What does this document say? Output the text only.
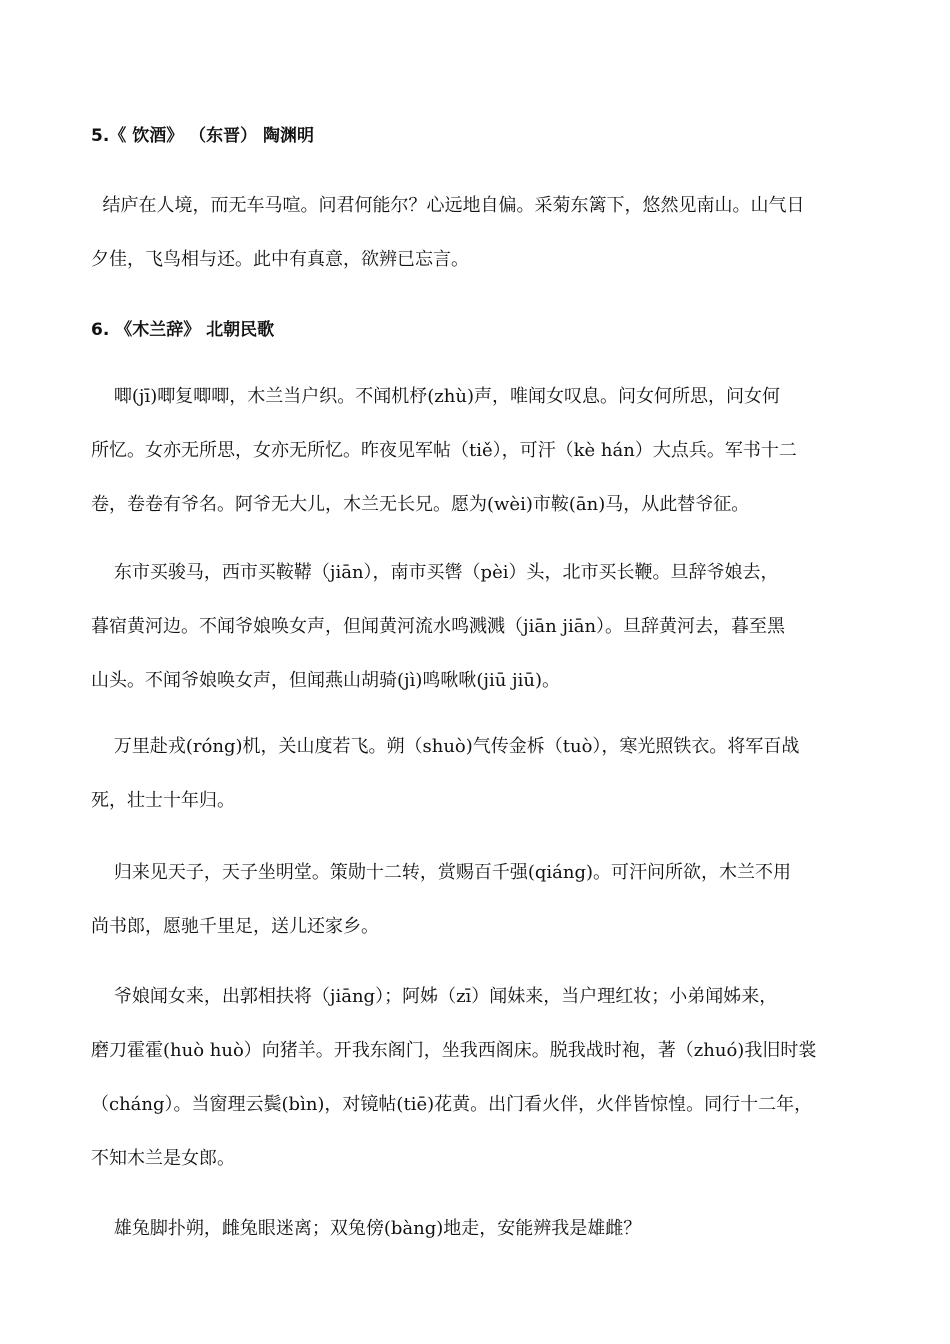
5.《 饮酒》 （东晋） 陶渊明

结庐在人境，而无车马喧。问君何能尔？心远地自偏。采菊东篱下，悠然见南山。山气日
夕佳，飞鸟相与还。此中有真意，欲辨已忘言。

6. 《木兰辞》 北朝民歌

唧(jī)唧复唧唧，木兰当户织。不闻机杼(zhù)声，唯闻女叹息。问女何所思，问女何
所忆。女亦无所思，女亦无所忆。昨夜见军帖（tiě），可汗（kè hán）大点兵。军书十二
卷，卷卷有爷名。阿爷无大儿，木兰无长兄。愿为(wèi)市鞍(ān)马，从此替爷征。

东市买骏马，西市买鞍鞯（jiān），南市买辔（pèi）头，北市买长鞭。旦辞爷娘去，
暮宿黄河边。不闻爷娘唤女声，但闻黄河流水鸣溅溅（jiān jiān）。旦辞黄河去，暮至黑
山头。不闻爷娘唤女声，但闻燕山胡骑(jì)鸣啾啾(jiū jiū)。

万里赴戎(róng)机，关山度若飞。朔（shuò)气传金柝（tuò），寒光照铁衣。将军百战
死，壮士十年归。

归来见天子，天子坐明堂。策勋十二转，赏赐百千强(qiáng)。可汗问所欲，木兰不用
尚书郎，愿驰千里足，送儿还家乡。

爷娘闻女来，出郭相扶将（jiāng）；阿姊（zī）闻妹来，当户理红妆；小弟闻姊来，
磨刀霍霍(huò huò）向猪羊。开我东阁门，坐我西阁床。脱我战时袍，著（zhuó)我旧时裳
（cháng）。当窗理云鬓(bìn)，对镜帖(tiē)花黄。出门看火伴，火伴皆惊惶。同行十二年，
不知木兰是女郎。

雄兔脚扑朔，雌兔眼迷离；双兔傍(bàng)地走，安能辨我是雄雌？
